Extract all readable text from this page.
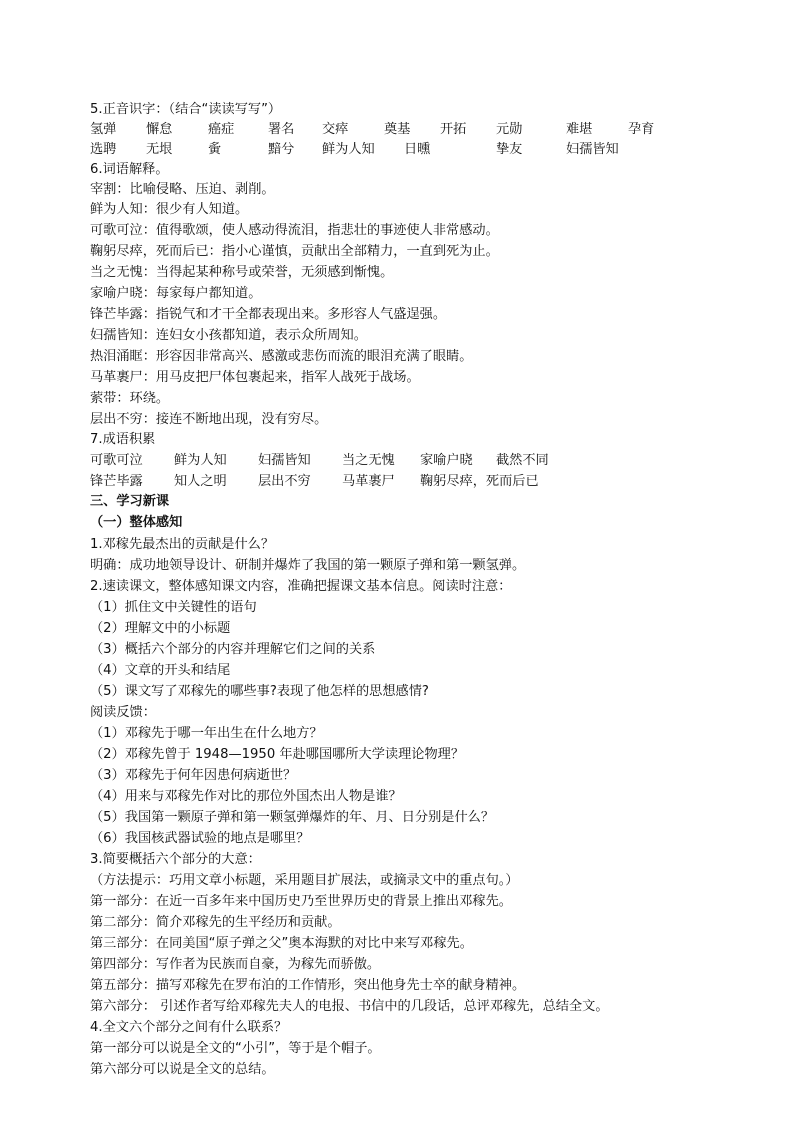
5.正音识字：（结合“读读写写”）
氢弹 懈怠	癌症	署名 交瘁	奠基 开拓 元勋	难堪	孕育
选聘 无垠	夤	黯兮 鲜为人知 日曛	挚友	妇孺皆知
6.词语解释。
宰割：比喻侵略、压迫、剥削。
鲜为人知：很少有人知道。
可歌可泣：值得歌颂，使人感动得流泪，指悲壮的事迹使人非常感动。
鞠躬尽瘁，死而后已：指小心谨慎，贡献出全部精力，一直到死为止。
当之无愧：当得起某种称号或荣誉，无须感到惭愧。
家喻户晓：每家每户都知道。
锋芒毕露：指锐气和才干全都表现出来。多形容人气盛逞强。
妇孺皆知：连妇女小孩都知道，表示众所周知。
热泪涌眶：形容因非常高兴、感激或悲伤而流的眼泪充满了眼睛。
马革裹尸：用马皮把尸体包裹起来，指军人战死于战场。
萦带：环绕。
层出不穷：接连不断地出现，没有穷尽。
7.成语积累
可歌可泣 鲜为人知 妇孺皆知 当之无愧 家喻户晓 截然不同
锋芒毕露 知人之明 层出不穷 马革裹尸 鞠躬尽瘁，死而后已
三、学习新课
（一）整体感知
1.邓稼先最杰出的贡献是什么？
明确：成功地领导设计、研制并爆炸了我国的第一颗原子弹和第一颗氢弹。
2.速读课文，整体感知课文内容，准确把握课文基本信息。阅读时注意：
（1）抓住文中关键性的语句
（2）理解文中的小标题
（3）概括六个部分的内容并理解它们之间的关系
（4）文章的开头和结尾
（5）课文写了邓稼先的哪些事?表现了他怎样的思想感情?
阅读反馈：
（1）邓稼先于哪一年出生在什么地方？
（2）邓稼先曾于 1948—1950 年赴哪国哪所大学读理论物理？
（3）邓稼先于何年因患何病逝世？
（4）用来与邓稼先作对比的那位外国杰出人物是谁？
（5）我国第一颗原子弹和第一颗氢弹爆炸的年、月、日分别是什么？
（6）我国核武器试验的地点是哪里？
3.简要概括六个部分的大意：
（方法提示：巧用文章小标题，采用题目扩展法，或摘录文中的重点句。）
第一部分：在近一百多年来中国历史乃至世界历史的背景上推出邓稼先。
第二部分：简介邓稼先的生平经历和贡献。
第三部分：在同美国“原子弹之父”奥本海默的对比中来写邓稼先。
第四部分：写作者为民族而自豪，为稼先而骄傲。
第五部分：描写邓稼先在罗布泊的工作情形，突出他身先士卒的献身精神。
第六部分： 引述作者写给邓稼先夫人的电报、书信中的几段话，总评邓稼先，总结全文。
4.全文六个部分之间有什么联系？
第一部分可以说是全文的“小引”，等于是个帽子。
第六部分可以说是全文的总结。
